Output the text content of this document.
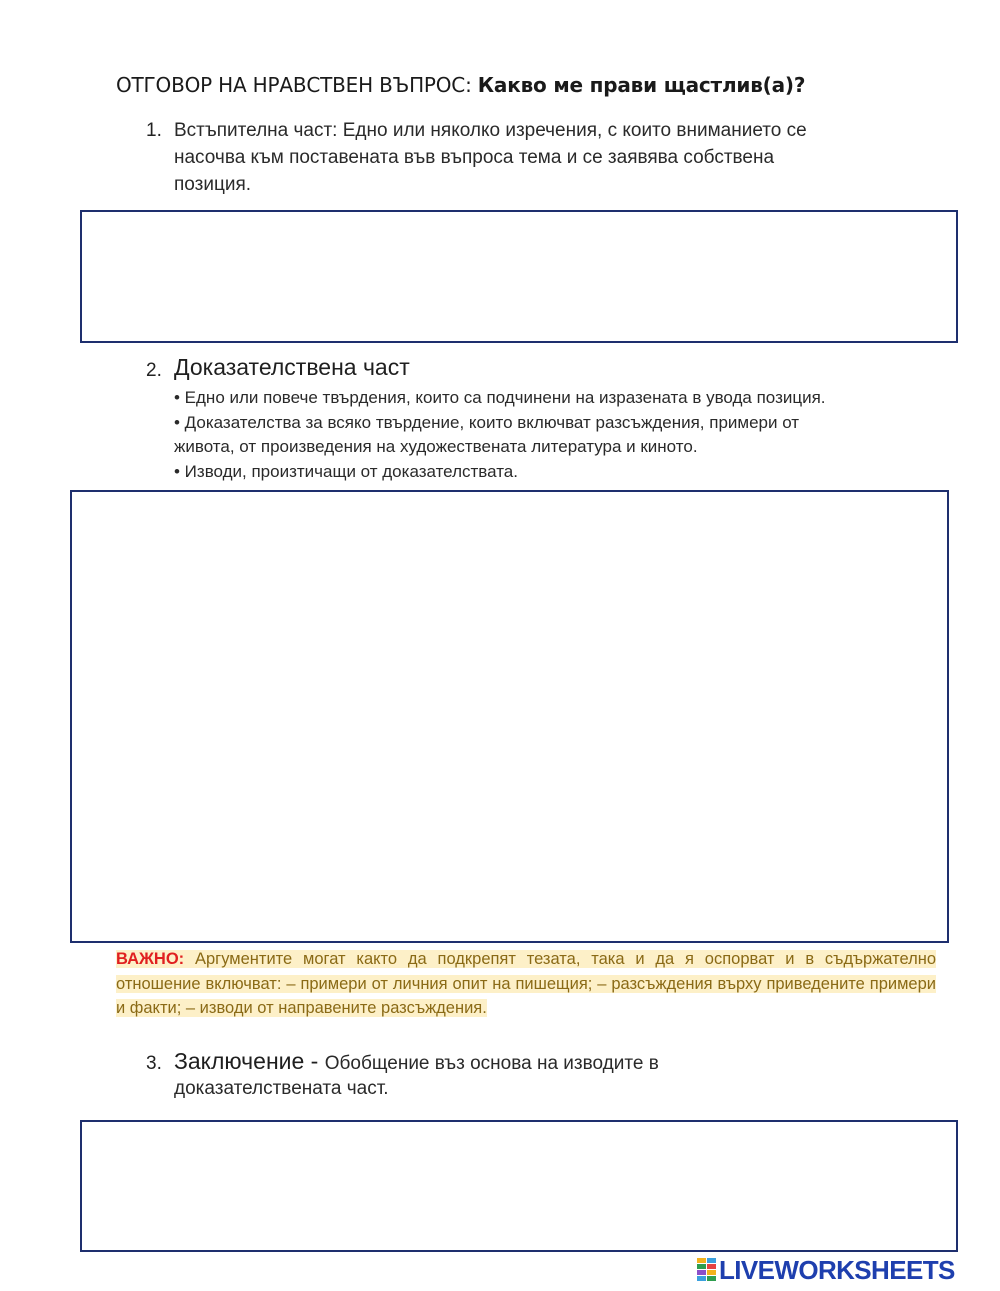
ОТГОВОР НА НРАВСТВЕН ВЪПРОС: Какво ме прави щастлив(а)?
1. Встъпителна част: Едно или няколко изречения, с които вниманието се
насочва към поставената във въпроса тема и се заявява собствена
позиция.
2. Доказателствена част
• Едно или повече твърдения, които са подчинени на изразената в увода позиция.
• Доказателства за всяко твърдение, които включват разсъждения, примери от
живота, от произведения на художествената литература и киното.
• Изводи, произтичащи от доказателствата.
ВАЖНО: Аргументите могат както да подкрепят тезата, така и да я оспорват и в съдържателно отношение включват: – примери от личния опит на пишещия; – разсъждения върху приведените примери и факти; – изводи от направените разсъждения.
3. Заключение - Обобщение въз основа на изводите в
доказателствената част.
LIVEWORKSHEETS
